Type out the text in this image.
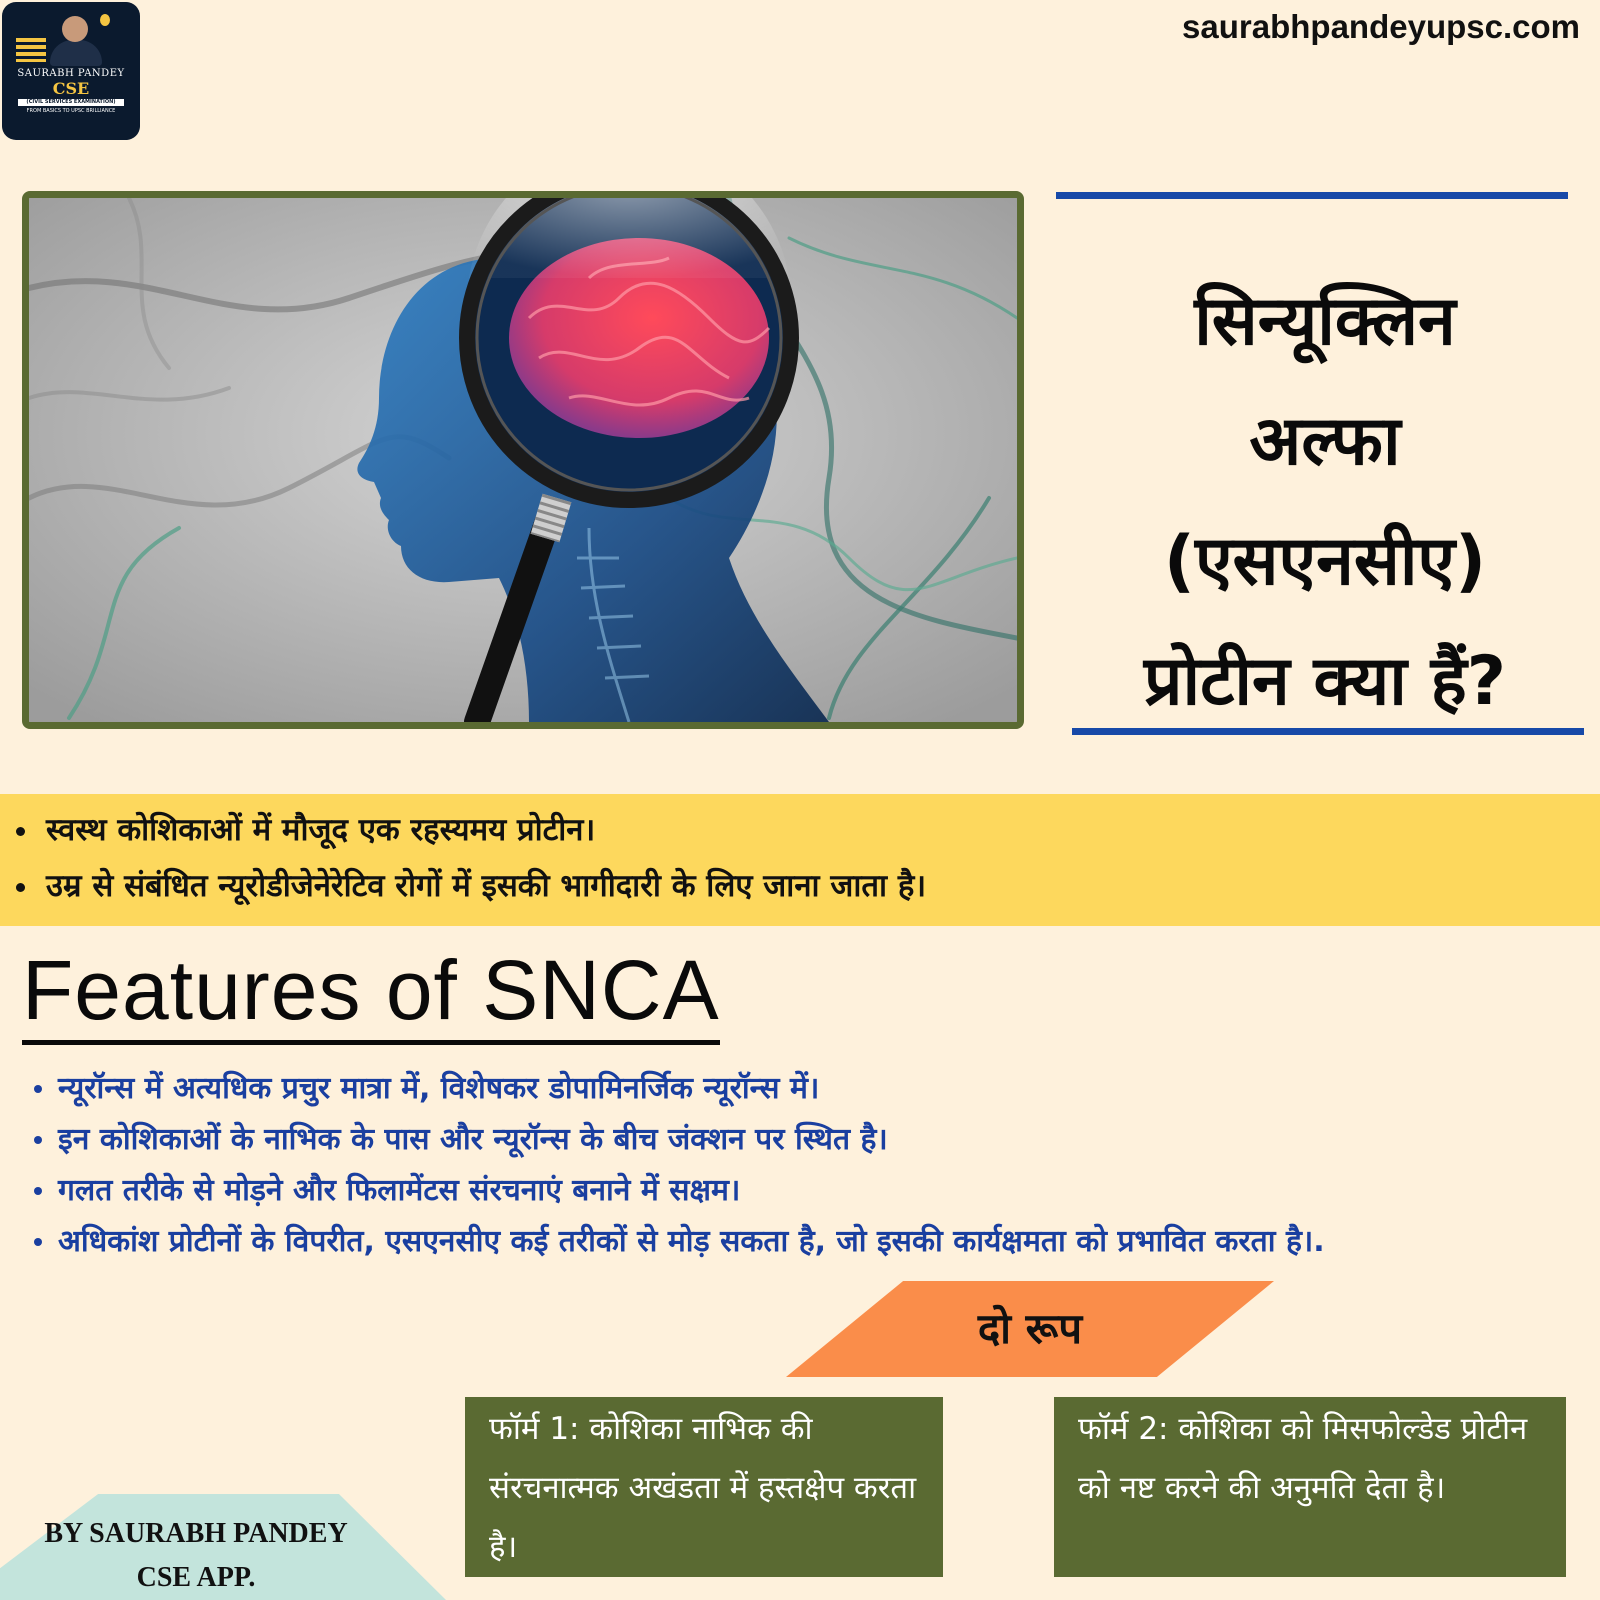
SAURABH PANDEY
CSE
(CIVIL SERVICES EXAMINATION)
FROM BASICS TO UPSC BRILLIANCE
saurabhpandeyupsc.com
सिन्यूक्लिन
अल्फा
(एसएनसीए)
प्रोटीन क्या हैं?
स्वस्थ कोशिकाओं में मौजूद एक रहस्यमय प्रोटीन।
उम्र से संबंधित न्यूरोडीजेनेरेटिव रोगों में इसकी भागीदारी के लिए जाना जाता है।
Features of SNCA
न्यूरॉन्स में अत्यधिक प्रचुर मात्रा में, विशेषकर डोपामिनर्जिक न्यूरॉन्स में।
इन कोशिकाओं के नाभिक के पास और न्यूरॉन्स के बीच जंक्शन पर स्थित है।
गलत तरीके से मोड़ने और फिलामेंटस संरचनाएं बनाने में सक्षम।
अधिकांश प्रोटीनों के विपरीत, एसएनसीए कई तरीकों से मोड़ सकता है, जो इसकी कार्यक्षमता को प्रभावित करता है।.
दो रूप
फॉर्म 1: कोशिका नाभिक की संरचनात्मक अखंडता में हस्तक्षेप करता है।
फॉर्म 2: कोशिका को मिसफोल्डेड प्रोटीन को नष्ट करने की अनुमति देता है।
BY SAURABH PANDEY CSE APP.
